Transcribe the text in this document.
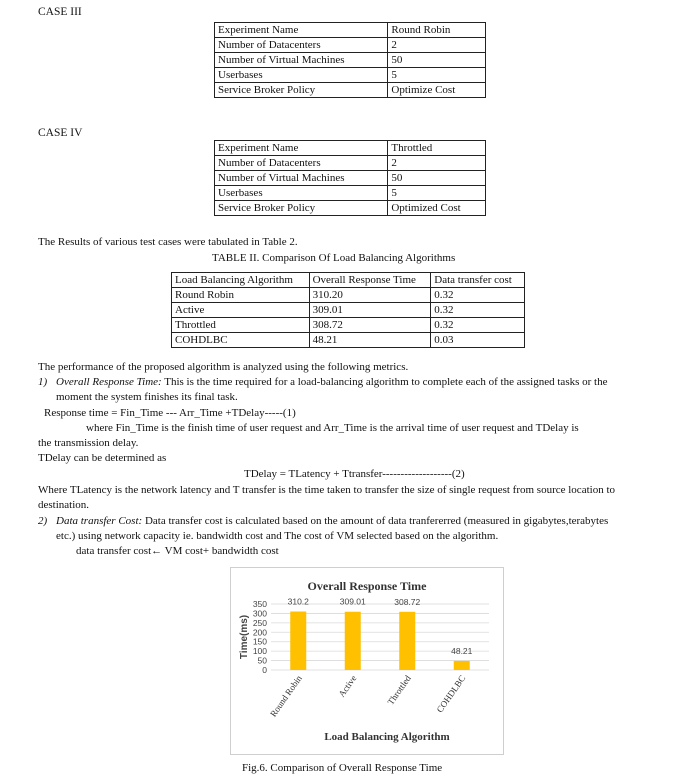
CASE III
Experiment Name	Round Robin
Number of Datacenters	2
Number of Virtual Machines	50
Userbases	5
Service Broker Policy	Optimize Cost
CASE IV
Experiment Name	Throttled
Number of Datacenters	2
Number of Virtual Machines	50
Userbases	5
Service Broker Policy	Optimized Cost
The Results of various test cases were tabulated in Table 2.
TABLE II. Comparison Of Load Balancing Algorithms
Load Balancing Algorithm	Overall Response Time	Data transfer cost
Round Robin	310.20	0.32
Active	309.01	0.32
Throttled	308.72	0.32
COHDLBC	48.21	0.03
The performance of the proposed algorithm is analyzed using the following metrics.
1) Overall Response Time: This is the time required for a load-balancing algorithm to complete each of the assigned tasks or the
moment the system finishes its final task.
Response time = Fin_Time --- Arr_Time +TDelay-----(1)
where Fin_Time is the finish time of user request and Arr_Time is the arrival time of user request and TDelay is
the transmission delay.
TDelay can be determined as
TDelay = TLatency + Ttransfer-------------------(2)
Where TLatency is the network latency and T transfer is the time taken to transfer the size of single request from source location to
destination.
2) Data transfer Cost: Data transfer cost is calculated based on the amount of data tranfererred (measured in gigabytes,terabytes
etc.) using network capacity ie. bandwidth cost and The cost of VM selected based on the algorithm.
data transfer cost← VM cost+ bandwidth cost
Overall Response Time
0
50
100
150
200
250
300
350
Time(ms)
310.2
Round Robin
309.01
Active
308.72
Throttled
48.21
COHDLBC
Load Balancing Algorithm
Fig.6. Comparison of Overall Response Time
